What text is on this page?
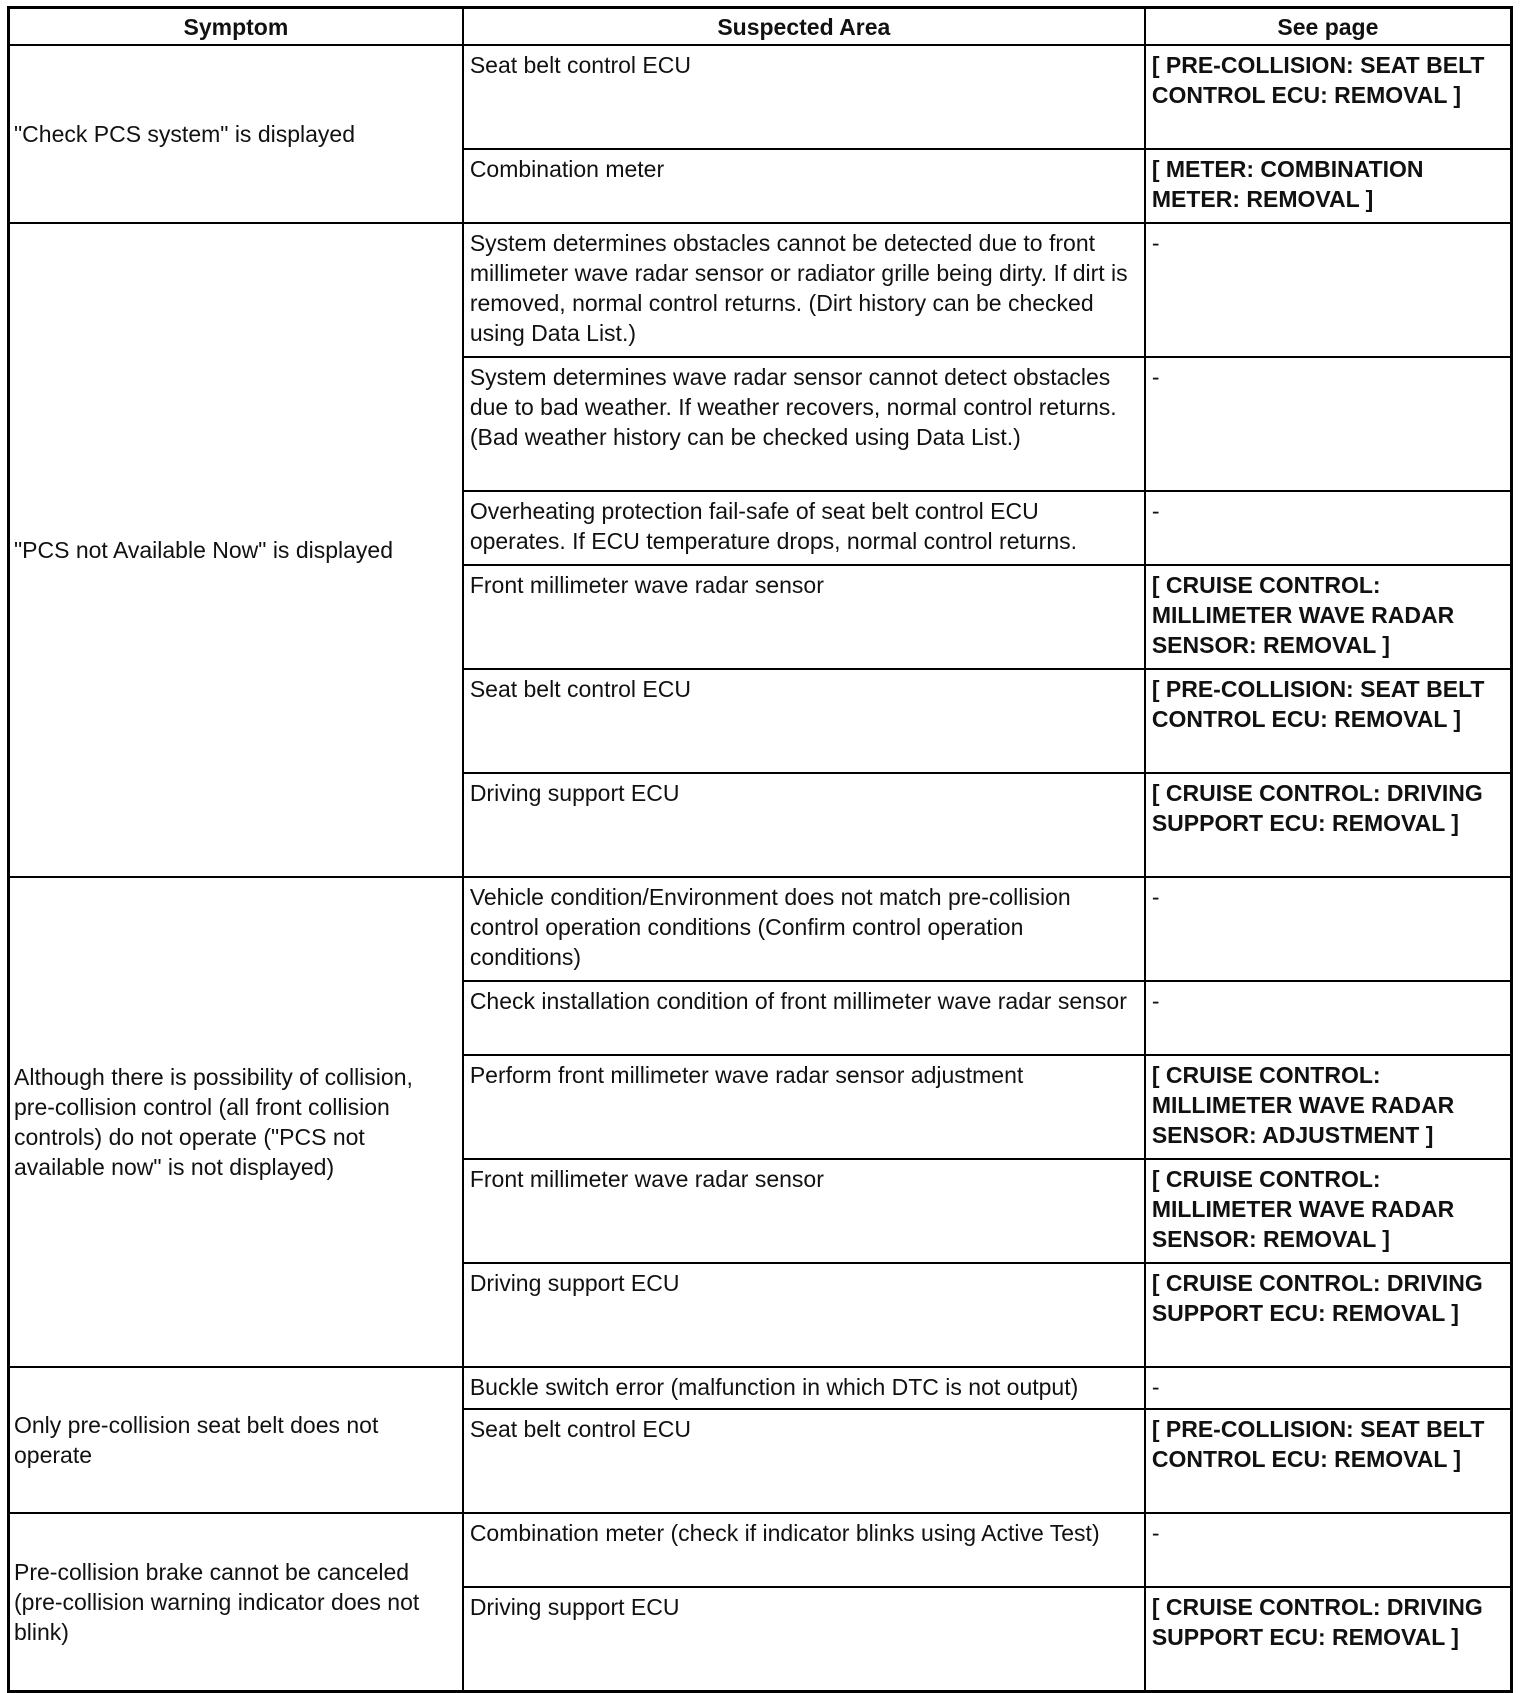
Symptom	Suspected Area	See page
"Check PCS system" is displayed	Seat belt control ECU	[ PRE-COLLISION: SEAT BELT CONTROL ECU: REMOVAL ]
	Combination meter	[ METER: COMBINATION METER: REMOVAL ]
"PCS not Available Now" is displayed	System determines obstacles cannot be detected due to front millimeter wave radar sensor or radiator grille being dirty. If dirt is removed, normal control returns. (Dirt history can be checked using Data List.)	-
	System determines wave radar sensor cannot detect obstacles due to bad weather. If weather recovers, normal control returns. (Bad weather history can be checked using Data List.)	-
	Overheating protection fail-safe of seat belt control ECU operates. If ECU temperature drops, normal control returns.	-
	Front millimeter wave radar sensor	[ CRUISE CONTROL: MILLIMETER WAVE RADAR SENSOR: REMOVAL ]
	Seat belt control ECU	[ PRE-COLLISION: SEAT BELT CONTROL ECU: REMOVAL ]
	Driving support ECU	[ CRUISE CONTROL: DRIVING SUPPORT ECU: REMOVAL ]
Although there is possibility of collision, pre-collision control (all front collision controls) do not operate ("PCS not available now" is not displayed)	Vehicle condition/Environment does not match pre-collision control operation conditions (Confirm control operation conditions)	-
	Check installation condition of front millimeter wave radar sensor	-
	Perform front millimeter wave radar sensor adjustment	[ CRUISE CONTROL: MILLIMETER WAVE RADAR SENSOR: ADJUSTMENT ]
	Front millimeter wave radar sensor	[ CRUISE CONTROL: MILLIMETER WAVE RADAR SENSOR: REMOVAL ]
	Driving support ECU	[ CRUISE CONTROL: DRIVING SUPPORT ECU: REMOVAL ]
Only pre-collision seat belt does not operate	Buckle switch error (malfunction in which DTC is not output)	-
	Seat belt control ECU	[ PRE-COLLISION: SEAT BELT CONTROL ECU: REMOVAL ]
Pre-collision brake cannot be canceled (pre-collision warning indicator does not blink)	Combination meter (check if indicator blinks using Active Test)	-
	Driving support ECU	[ CRUISE CONTROL: DRIVING SUPPORT ECU: REMOVAL ]
